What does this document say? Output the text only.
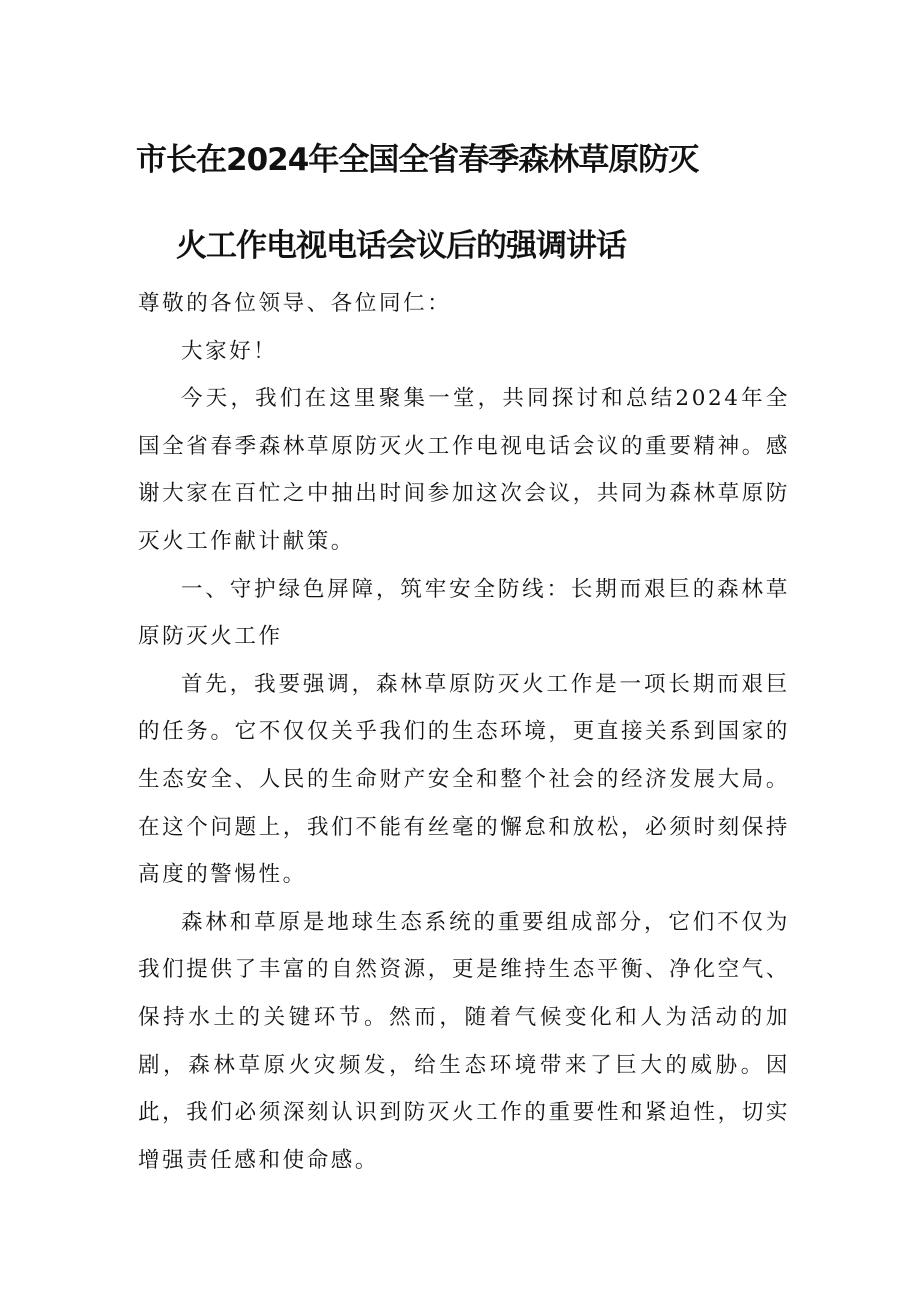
市长在2024年全国全省春季森林草原防灭
火工作电视电话会议后的强调讲话

尊敬的各位领导、各位同仁：

大家好！

今天，我们在这里聚集一堂，共同探讨和总结2024年全国全省春季森林草原防灭火工作电视电话会议的重要精神。感谢大家在百忙之中抽出时间参加这次会议，共同为森林草原防灭火工作献计献策。

一、守护绿色屏障，筑牢安全防线：长期而艰巨的森林草原防灭火工作

首先，我要强调，森林草原防灭火工作是一项长期而艰巨的任务。它不仅仅关乎我们的生态环境，更直接关系到国家的生态安全、人民的生命财产安全和整个社会的经济发展大局。在这个问题上，我们不能有丝毫的懈怠和放松，必须时刻保持高度的警惕性。

森林和草原是地球生态系统的重要组成部分，它们不仅为我们提供了丰富的自然资源，更是维持生态平衡、净化空气、保持水土的关键环节。然而，随着气候变化和人为活动的加剧，森林草原火灾频发，给生态环境带来了巨大的威胁。因此，我们必须深刻认识到防灭火工作的重要性和紧迫性，切实增强责任感和使命感。
